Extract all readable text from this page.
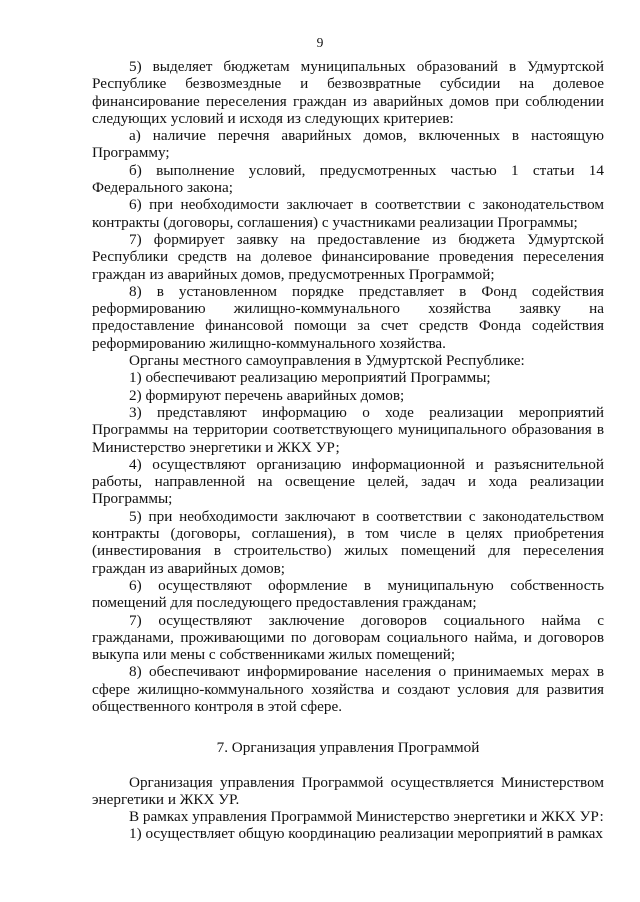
9

5) выделяет бюджетам муниципальных образований в Удмуртской Республике безвозмездные и безвозвратные субсидии на долевое финансирование переселения граждан из аварийных домов при соблюдении следующих условий и исходя из следующих критериев:

а) наличие перечня аварийных домов, включенных в настоящую Программу;

б) выполнение условий, предусмотренных частью 1 статьи 14 Федерального закона;

6) при необходимости заключает в соответствии с законодательством контракты (договоры, соглашения) с участниками реализации Программы;

7) формирует заявку на предоставление из бюджета Удмуртской Республики средств на долевое финансирование проведения переселения граждан из аварийных домов, предусмотренных Программой;

8) в установленном порядке представляет в Фонд содействия реформированию жилищно-коммунального хозяйства заявку на предоставление финансовой помощи за счет средств Фонда содействия реформированию жилищно-коммунального хозяйства.

Органы местного самоуправления в Удмуртской Республике:

1) обеспечивают реализацию мероприятий Программы;

2) формируют перечень аварийных домов;

3) представляют информацию о ходе реализации мероприятий Программы на территории соответствующего муниципального образования в Министерство энергетики и ЖКХ УР;

4) осуществляют организацию информационной и разъяснительной работы, направленной на освещение целей, задач и хода реализации Программы;

5) при необходимости заключают в соответствии с законодательством контракты (договоры, соглашения), в том числе в целях приобретения (инвестирования в строительство) жилых помещений для переселения граждан из аварийных домов;

6) осуществляют оформление в муниципальную собственность помещений для последующего предоставления гражданам;

7) осуществляют заключение договоров социального найма с гражданами, проживающими по договорам социального найма, и договоров выкупа или мены с собственниками жилых помещений;

8) обеспечивают информирование населения о принимаемых мерах в сфере жилищно-коммунального хозяйства и создают условия для развития общественного контроля в этой сфере.

7. Организация управления Программой

Организация управления Программой осуществляется Министерством энергетики и ЖКХ УР.

В рамках управления Программой Министерство энергетики и ЖКХ УР:

1) осуществляет общую координацию реализации мероприятий в рамках
